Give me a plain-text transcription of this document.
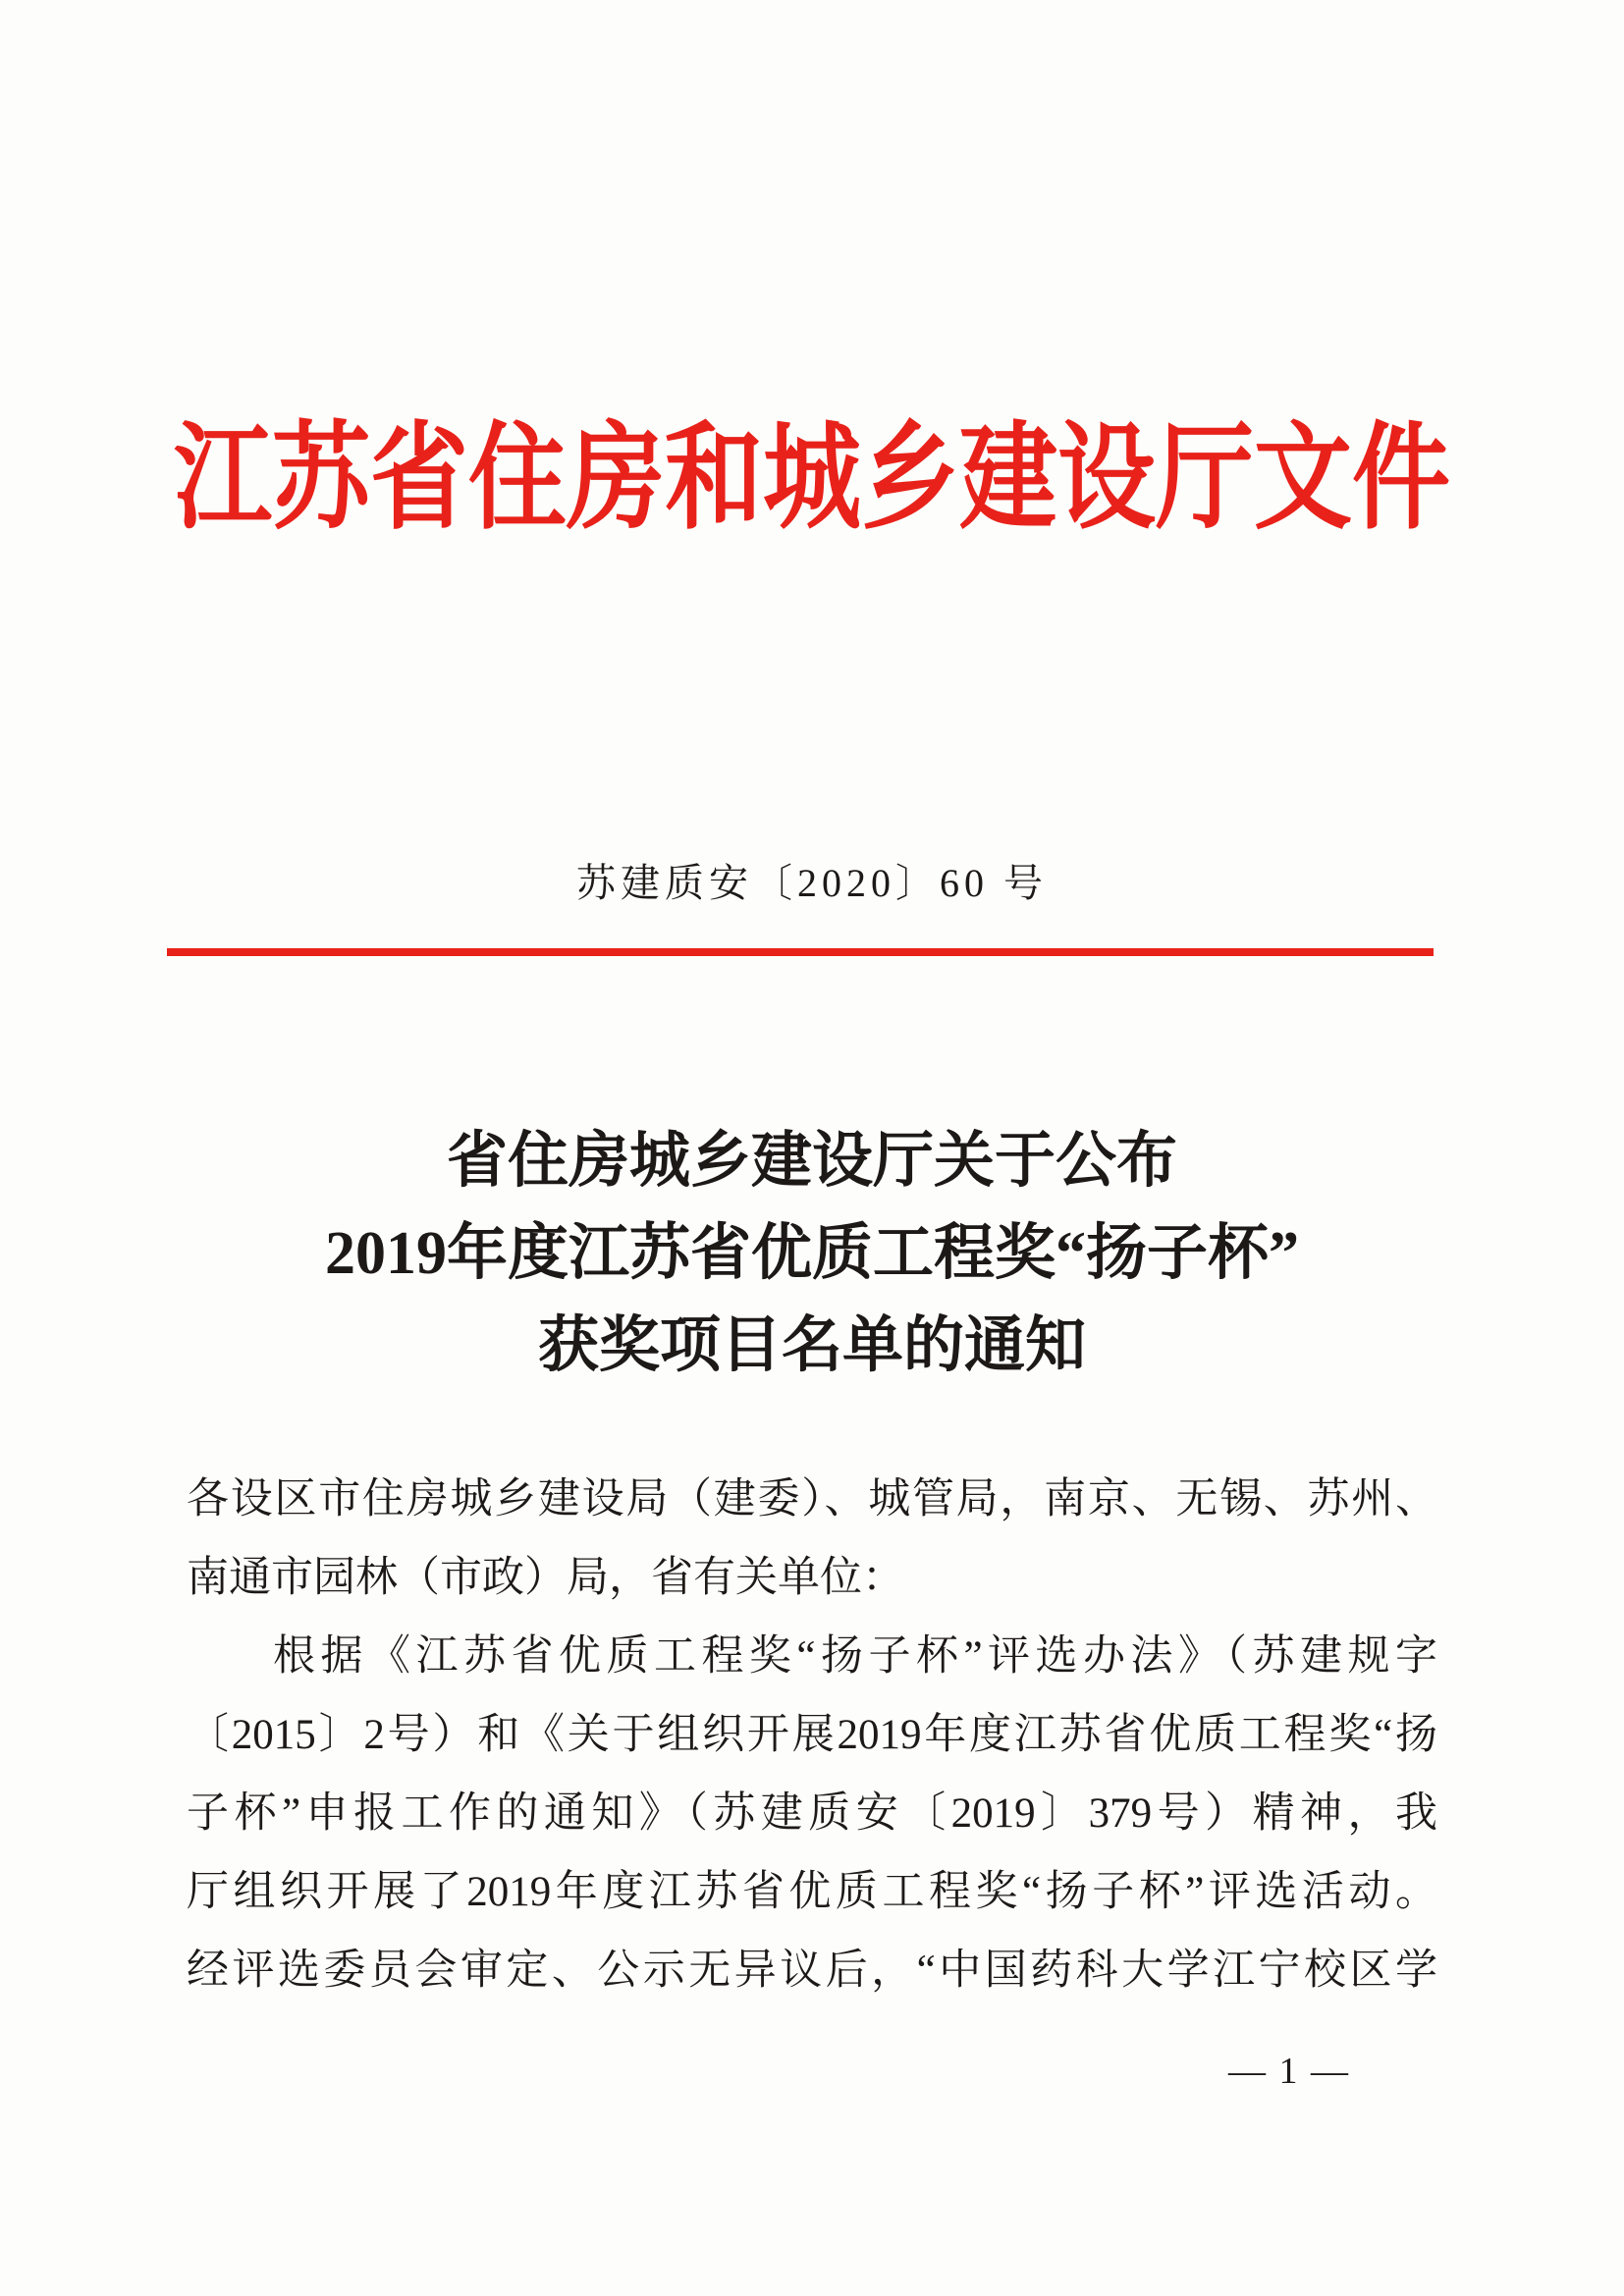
江苏省住房和城乡建设厅文件
苏建质安〔2020〕60 号
省住房城乡建设厅关于公布
2019年度江苏省优质工程奖“扬子杯”
获奖项目名单的通知
各设区市住房城乡建设局（建委）、城管局，南京、无锡、苏州、
南通市园林（市政）局，省有关单位：
根据《江苏省优质工程奖“扬子杯”评选办法》（苏建规字
〔2015〕2号）和《关于组织开展2019年度江苏省优质工程奖“扬
子杯”申报工作的通知》（苏建质安〔2019〕379号）精神，我
厅组织开展了2019年度江苏省优质工程奖“扬子杯”评选活动。
经评选委员会审定、公示无异议后，“中国药科大学江宁校区学
— 1 —
